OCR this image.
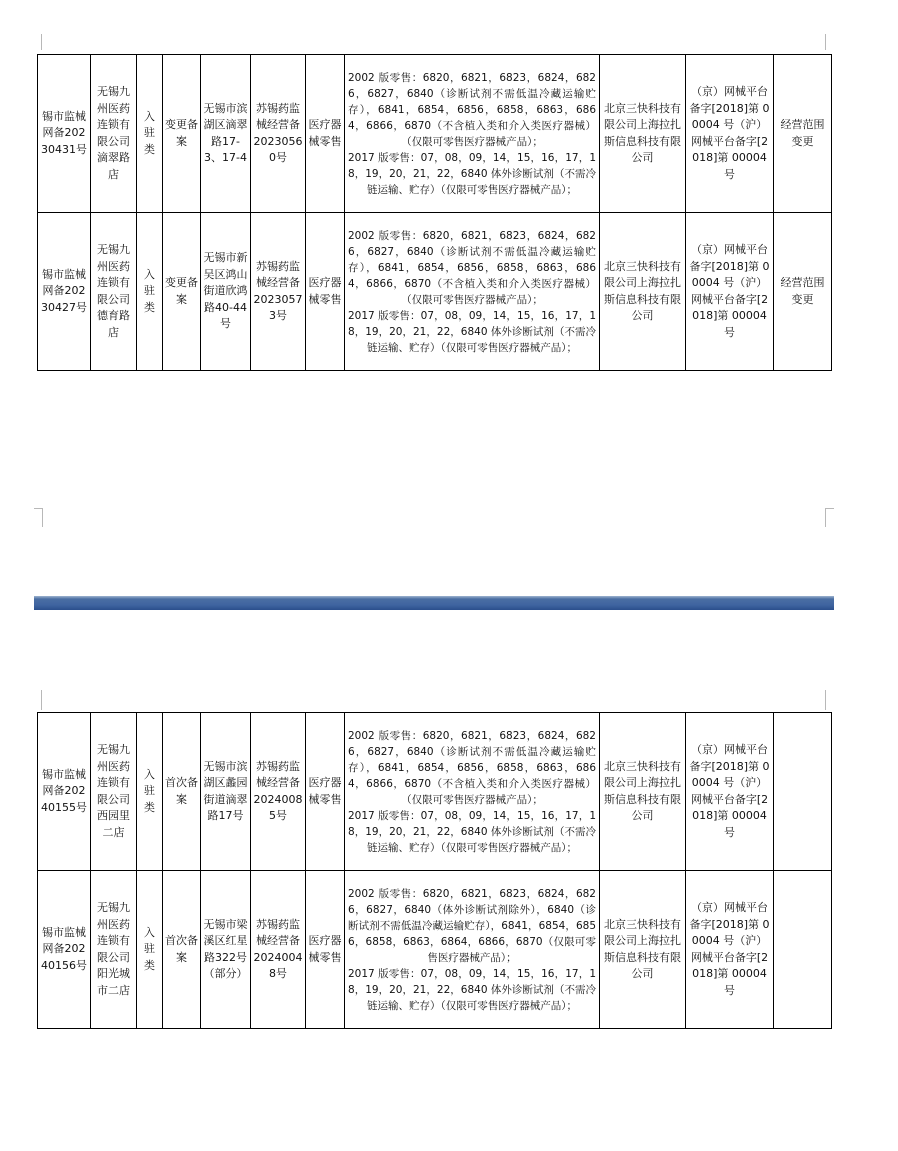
锡市监械网备20230431号	无锡九州医药连锁有限公司滴翠路店	入驻类	变更备案	无锡市滨湖区滴翠路17-3、17-4	苏锡药监械经营备20230560号	医疗器械零售	2002 版零售：6820，6821，6823，6824，6826，6827，6840（诊断试剂不需低温冷藏运输贮存），6841，6854，6856，6858，6863，6864，6866，6870（不含植入类和介入类医疗器械）（仅限可零售医疗器械产品）；

2017 版零售：07，08，09，14，15，16，17，18，19，20，21，22，6840 体外诊断试剂（不需冷链运输、贮存）（仅限可零售医疗器械产品）；	北京三快科技有限公司上海拉扎斯信息科技有限公司	（京）网械平台备字[2018]第 00004 号（沪）网械平台备字[2018]第 00004 号	经营范围变更
锡市监械网备20230427号	无锡九州医药连锁有限公司德育路店	入驻类	变更备案	无锡市新吴区鸿山街道欣鸿路40-44号	苏锡药监械经营备20230573号	医疗器械零售	2002 版零售：6820，6821，6823，6824，6826，6827，6840（诊断试剂不需低温冷藏运输贮存），6841，6854，6856，6858，6863，6864，6866，6870（不含植入类和介入类医疗器械）（仅限可零售医疗器械产品）；

2017 版零售：07，08，09，14，15，16，17，18，19，20，21，22，6840 体外诊断试剂（不需冷链运输、贮存）（仅限可零售医疗器械产品）；	北京三快科技有限公司上海拉扎斯信息科技有限公司	（京）网械平台备字[2018]第 00004 号（沪）网械平台备字[2018]第 00004 号	经营范围变更
锡市监械网备20240155号	无锡九州医药连锁有限公司西园里二店	入驻类	首次备案	无锡市滨湖区蠡园街道滴翠路17号	苏锡药监械经营备20240085号	医疗器械零售	2002 版零售：6820，6821，6823，6824，6826，6827，6840（诊断试剂不需低温冷藏运输贮存），6841，6854，6856，6858，6863，6864，6866，6870（不含植入类和介入类医疗器械）（仅限可零售医疗器械产品）；

2017 版零售：07，08，09，14，15，16，17，18，19，20，21，22，6840 体外诊断试剂（不需冷链运输、贮存）（仅限可零售医疗器械产品）；	北京三快科技有限公司上海拉扎斯信息科技有限公司	（京）网械平台备字[2018]第 00004 号（沪）网械平台备字[2018]第 00004 号	
锡市监械网备20240156号	无锡九州医药连锁有限公司阳光城市二店	入驻类	首次备案	无锡市梁溪区红星路322号（部分）	苏锡药监械经营备20240048号	医疗器械零售	2002 版零售：6820，6821，6823，6824，6826，6827，6840（体外诊断试剂除外），6840（诊断试剂不需低温冷藏运输贮存），6841，6854，6856，6858，6863，6864，6866，6870（仅限可零售医疗器械产品）；

2017 版零售：07，08，09，14，15，16，17，18，19，20，21，22，6840 体外诊断试剂（不需冷链运输、贮存）（仅限可零售医疗器械产品）；	北京三快科技有限公司上海拉扎斯信息科技有限公司	（京）网械平台备字[2018]第 00004 号（沪）网械平台备字[2018]第 00004 号	
